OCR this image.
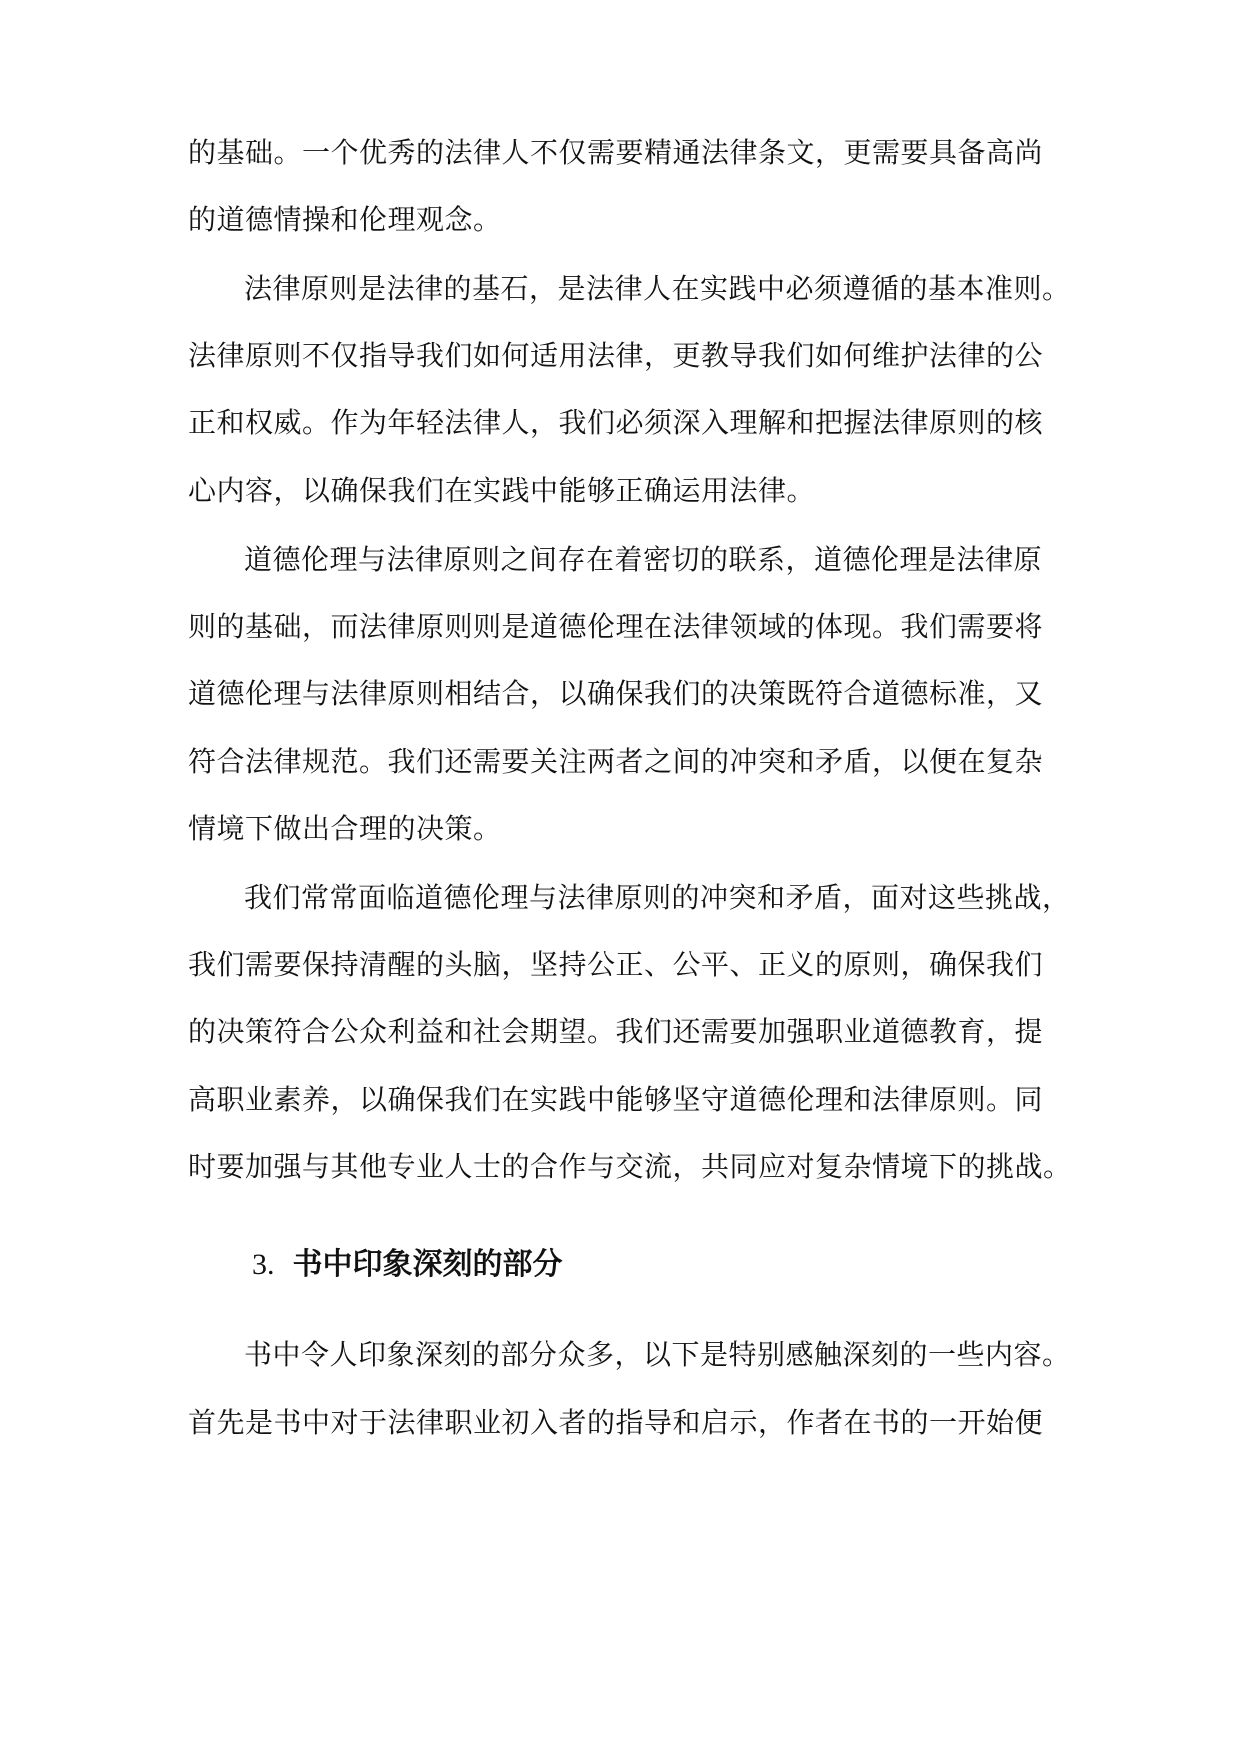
的基础。一个优秀的法律人不仅需要精通法律条文，更需要具备高尚
的道德情操和伦理观念。
法律原则是法律的基石，是法律人在实践中必须遵循的基本准则。
法律原则不仅指导我们如何适用法律，更教导我们如何维护法律的公
正和权威。作为年轻法律人，我们必须深入理解和把握法律原则的核
心内容，以确保我们在实践中能够正确运用法律。
道德伦理与法律原则之间存在着密切的联系，道德伦理是法律原
则的基础，而法律原则则是道德伦理在法律领域的体现。我们需要将
道德伦理与法律原则相结合，以确保我们的决策既符合道德标准，又
符合法律规范。我们还需要关注两者之间的冲突和矛盾，以便在复杂
情境下做出合理的决策。
我们常常面临道德伦理与法律原则的冲突和矛盾，面对这些挑战，
我们需要保持清醒的头脑，坚持公正、公平、正义的原则，确保我们
的决策符合公众利益和社会期望。我们还需要加强职业道德教育，提
高职业素养，以确保我们在实践中能够坚守道德伦理和法律原则。同
时要加强与其他专业人士的合作与交流，共同应对复杂情境下的挑战。
3. 书中印象深刻的部分
书中令人印象深刻的部分众多，以下是特别感触深刻的一些内容。
首先是书中对于法律职业初入者的指导和启示，作者在书的一开始便
